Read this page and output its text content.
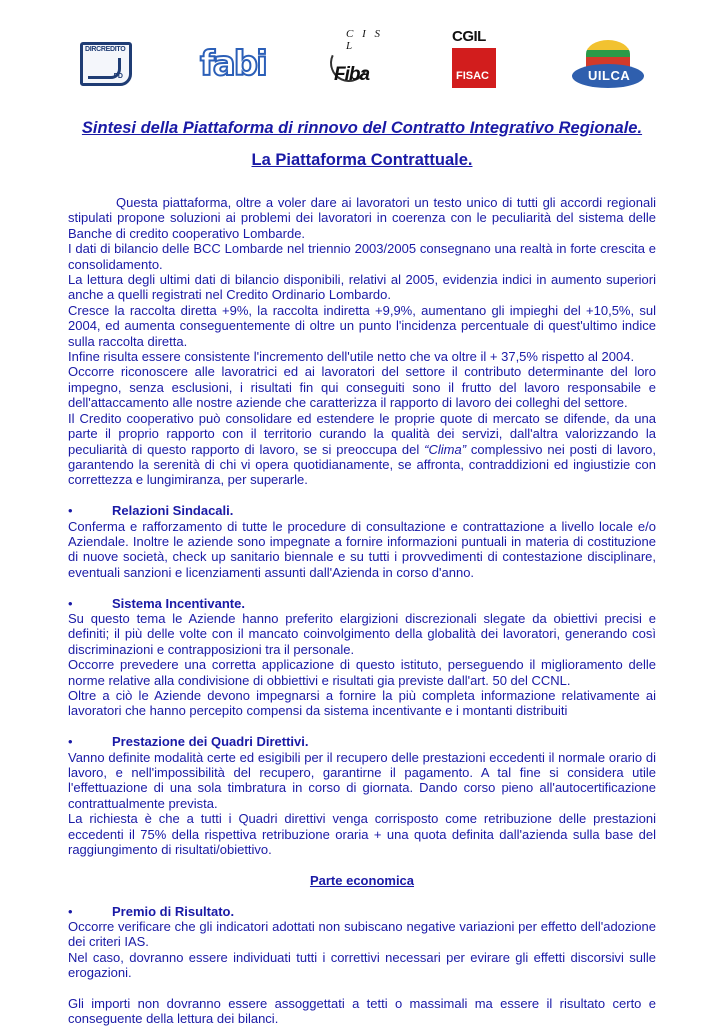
DIRCREDITO
FD fabi
C I S L
Fiba
CGIL
FISAC	UILCA
Sintesi della Piattaforma di rinnovo del Contratto Integrativo Regionale.
La Piattaforma Contrattuale.

Questa piattaforma, oltre a voler dare ai lavoratori un testo unico di tutti gli accordi regionali stipulati propone soluzioni ai problemi dei lavoratori in coerenza con le peculiarità del sistema delle Banche di credito cooperativo Lombarde.

I dati di bilancio delle BCC Lombarde nel triennio 2003/2005 consegnano una realtà in forte crescita e consolidamento.

La lettura degli ultimi dati di bilancio disponibili, relativi al 2005, evidenzia indici in aumento superiori anche a quelli registrati nel Credito Ordinario Lombardo.

Cresce la raccolta diretta +9%, la raccolta indiretta +9,9%, aumentano gli impieghi del +10,5%, sul 2004, ed aumenta conseguentemente di oltre un punto l'incidenza percentuale di quest'ultimo indice sulla raccolta diretta.

Infine risulta essere consistente l'incremento dell'utile netto che va oltre il + 37,5% rispetto al 2004.

Occorre riconoscere alle lavoratrici ed ai lavoratori del settore il contributo determinante del loro impegno, senza esclusioni, i risultati fin qui conseguiti sono il frutto del lavoro responsabile e dell'attaccamento alle nostre aziende che caratterizza il rapporto di lavoro dei colleghi del settore.

Il Credito cooperativo può consolidare ed estendere le proprie quote di mercato se difende, da una parte il proprio rapporto con il territorio curando la qualità dei servizi, dall'altra valorizzando la peculiarità di questo rapporto di lavoro, se si preoccupa del “Clima” complessivo nei posti di lavoro, garantendo la serenità di chi vi opera quotidianamente, se affronta, contraddizioni ed ingiustizie con correttezza e lungimiranza, per superarle.

•	Relazioni Sindacali.

Conferma e rafforzamento di tutte le procedure di consultazione e contrattazione a livello locale e/o Aziendale. Inoltre le aziende sono impegnate a fornire informazioni puntuali in materia di costituzione di nuove società, check up sanitario biennale e su tutti i provvedimenti di contestazione disciplinare, eventuali sanzioni e licenziamenti assunti dall'Azienda in corso d'anno.

•	Sistema Incentivante.

Su questo tema le Aziende hanno preferito elargizioni discrezionali slegate da obiettivi precisi e definiti; il più delle volte con il mancato coinvolgimento della globalità dei lavoratori, generando così discriminazioni e contrapposizioni tra il personale.

Occorre prevedere una corretta applicazione di questo istituto, perseguendo il miglioramento delle norme relative alla condivisione di obbiettivi e risultati gia previste dall'art. 50 del CCNL.

Oltre a ciò le Aziende devono impegnarsi a fornire la più completa informazione relativamente ai lavoratori che hanno percepito compensi da sistema incentivante e i montanti distribuiti

•	Prestazione dei Quadri Direttivi.

Vanno definite modalità certe ed esigibili per il recupero delle prestazioni eccedenti il normale orario di lavoro, e nell'impossibilità del recupero, garantirne il pagamento. A tal fine si considera utile l'effettuazione di una sola timbratura in corso di giornata. Dando corso pieno all'autocertificazione contrattualmente prevista.

La richiesta è che a tutti i Quadri direttivi venga corrisposto come retribuzione delle prestazioni eccedenti il 75% della rispettiva retribuzione oraria + una quota definita dall'azienda sulla base del raggiungimento di risultati/obiettivo.

Parte economica
•	Premio di Risultato.

Occorre verificare che gli indicatori adottati non subiscano negative variazioni per effetto dell'adozione dei criteri IAS.

Nel caso, dovranno essere individuati tutti i correttivi necessari per evirare gli effetti discorsivi sulle erogazioni.

Gli importi non dovranno essere assoggettati a tetti o massimali ma essere il risultato certo e conseguente della lettura dei bilanci.
